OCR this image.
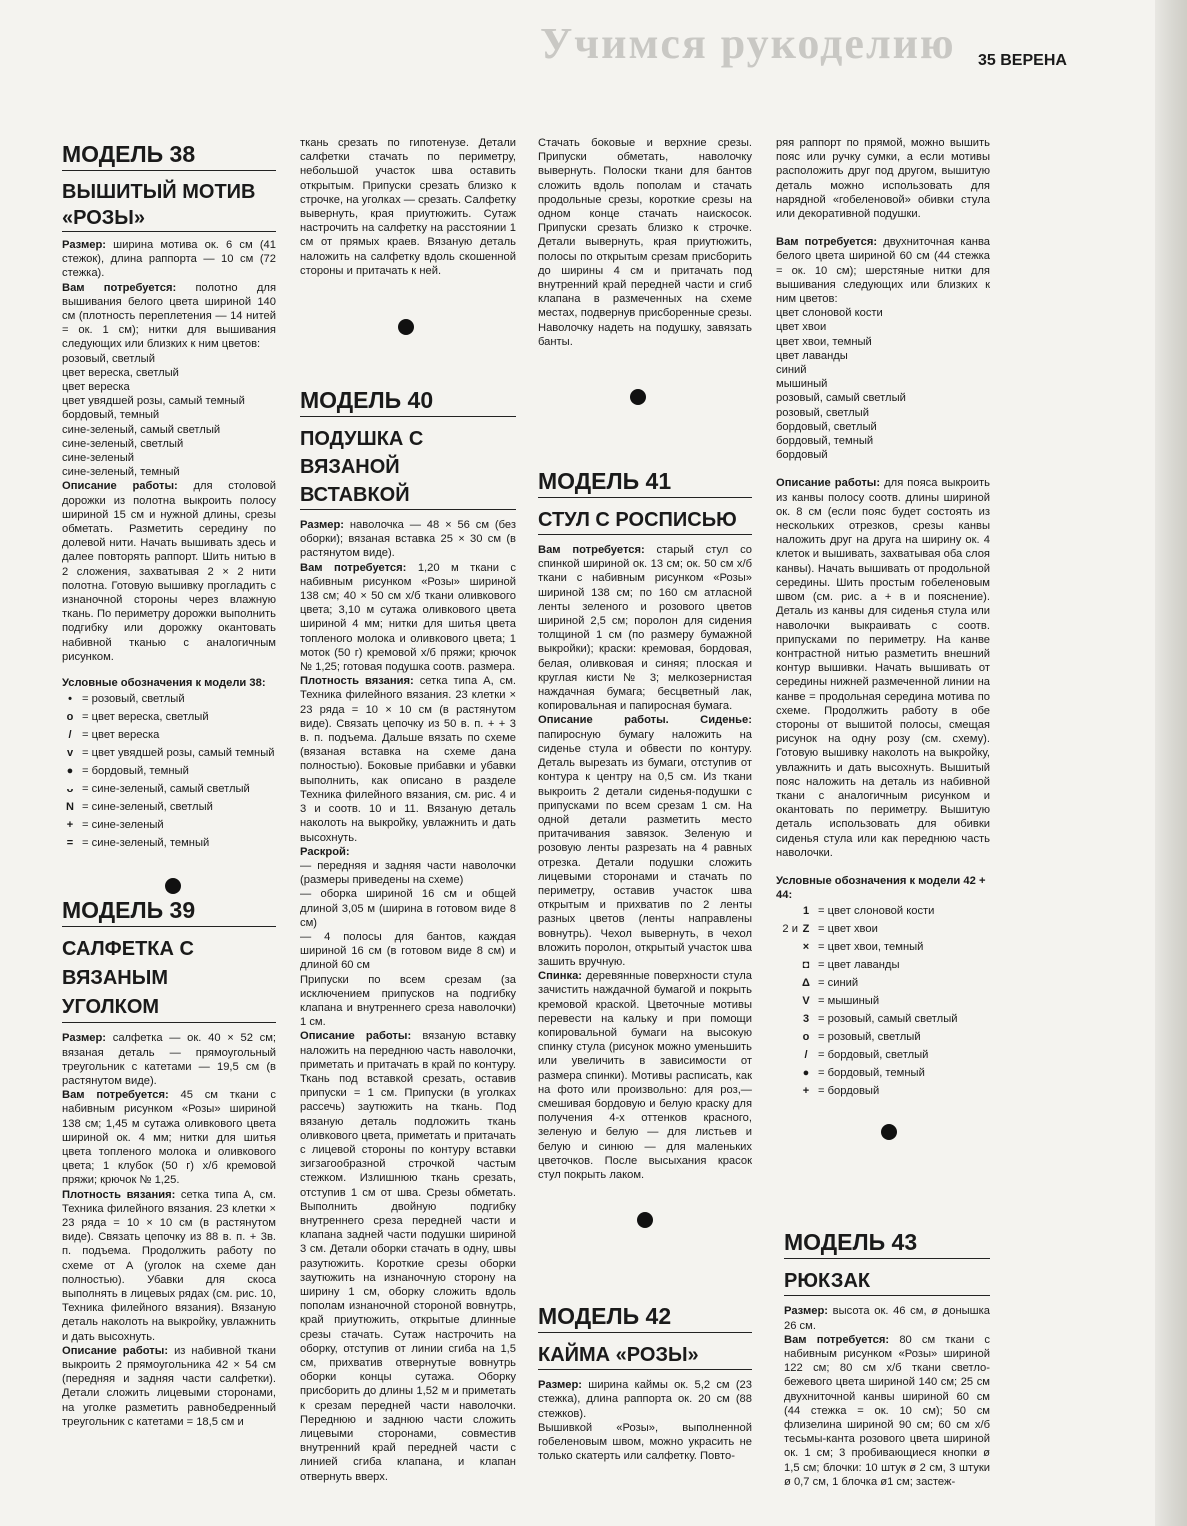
Учимся рукоделию 35 ВЕРЕНА
МОДЕЛЬ 38
ВЫШИТЫЙ МОТИВ
«РОЗЫ»

Размер: ширина мотива ок. 6 см (41 стежок), длина раппорта — 10 см (72 стежка).

Вам потребуется: полотно для вышивания белого цвета шириной 140 см (плотность переплетения — 14 нитей = ок. 1 см); нитки для вышивания следующих или близких к ним цветов:

розовый, светлый
цвет вереска, светлый
цвет вереска
цвет увядшей розы, самый темный
бордовый, темный
сине-зеленый, самый светлый
сине-зеленый, светлый
сине-зеленый
сине-зеленый, темный

Описание работы: для столовой дорожки из полотна выкроить полосу шириной 15 см и нужной длины, срезы обметать. Разметить середину по долевой нити. Начать вышивать здесь и далее повторять раппорт. Шить нитью в 2 сложения, захватывая 2 × 2 нити полотна. Готовую вышивку прогладить с изнаночной стороны через влажную ткань. По периметру дорожки выполнить подгибку или дорожку окантовать набивной тканью с аналогичным рисунком.

Условные обозначения к модели 38:
• = розовый, светлый
o = цвет вереска, светлый
/ = цвет вереска
v = цвет увядшей розы, самый темный
● = бордовый, темный
ᴗ = сине-зеленый, самый светлый
N = сине-зеленый, светлый
+ = сине-зеленый
= = сине-зеленый, темный
МОДЕЛЬ 39
САЛФЕТКА С
ВЯЗАНЫМ
УГОЛКОМ

Размер: салфетка — ок. 40 × 52 см; вязаная деталь — прямоугольный треугольник с катетами — 19,5 см (в растянутом виде).

Вам потребуется: 45 см ткани с набивным рисунком «Розы» шириной 138 см; 1,45 м сутажа оливкового цвета шириной ок. 4 мм; нитки для шитья цвета топленого молока и оливкового цвета; 1 клубок (50 г) х/б кремовой пряжи; крючок № 1,25.

Плотность вязания: сетка типа А, см. Техника филейного вязания. 23 клетки × 23 ряда = 10 × 10 см (в растянутом виде). Связать цепочку из 88 в. п. + 3в. п. подъема. Продолжить работу по схеме от А (уголок на схеме дан полностью). Убавки для скоса выполнять в лицевых рядах (см. рис. 10, Техника филейного вязания). Вязаную деталь наколоть на выкройку, увлажнить и дать высохнуть.

Описание работы: из набивной ткани выкроить 2 прямоугольника 42 × 54 см (передняя и задняя части салфетки). Детали сложить лицевыми сторонами, на уголке разметить равнобедренный треугольник с катетами = 18,5 см и

ткань срезать по гипотенузе. Детали салфетки стачать по периметру, небольшой участок шва оставить открытым. Припуски срезать близко к строчке, на уголках — срезать. Салфетку вывернуть, края приутюжить. Сутаж настрочить на салфетку на расстоянии 1 см от прямых краев. Вязаную деталь наложить на салфетку вдоль скошенной стороны и притачать к ней.

МОДЕЛЬ 40
ПОДУШКА С
ВЯЗАНОЙ
ВСТАВКОЙ

Размер: наволочка — 48 × 56 см (без оборки); вязаная вставка 25 × 30 см (в растянутом виде).

Вам потребуется: 1,20 м ткани с набивным рисунком «Розы» шириной 138 см; 40 × 50 см х/б ткани оливкового цвета; 3,10 м сутажа оливкового цвета шириной 4 мм; нитки для шитья цвета топленого молока и оливкового цвета; 1 моток (50 г) кремовой х/б пряжи; крючок № 1,25; готовая подушка соотв. размера.

Плотность вязания: сетка типа А, см. Техника филейного вязания. 23 клетки × 23 ряда = 10 × 10 см (в растянутом виде). Связать цепочку из 50 в. п. + + 3 в. п. подъема. Дальше вязать по схеме (вязаная вставка на схеме дана полностью). Боковые прибавки и убавки выполнить, как описано в разделе Техника филейного вязания, см. рис. 4 и 3 и соотв. 10 и 11. Вязаную деталь наколоть на выкройку, увлажнить и дать высохнуть.

Раскрой:

— передняя и задняя части наволочки (размеры приведены на схеме)

— оборка шириной 16 см и общей длиной 3,05 м (ширина в готовом виде 8 см)

— 4 полосы для бантов, каждая шириной 16 см (в готовом виде 8 см) и длиной 60 см

Припуски по всем срезам (за исключением припусков на подгибку клапана и внутреннего среза наволочки) 1 см.

Описание работы: вязаную вставку наложить на переднюю часть наволочки, приметать и притачать в край по контуру. Ткань под вставкой срезать, оставив припуски = 1 см. Припуски (в уголках рассечь) заутюжить на ткань. Под вязаную деталь подложить ткань оливкового цвета, приметать и притачать с лицевой стороны по контуру вставки зигзагообразной строчкой частым стежком. Излишнюю ткань срезать, отступив 1 см от шва. Срезы обметать. Выполнить двойную подгибку внутреннего среза передней части и клапана задней части подушки шириной 3 см. Детали оборки стачать в одну, швы разутюжить. Короткие срезы оборки заутюжить на изнаночную сторону на ширину 1 см, оборку сложить вдоль пополам изнаночной стороной вовнутрь, край приутюжить, открытые длинные срезы стачать. Сутаж настрочить на оборку, отступив от линии сгиба на 1,5 см, прихватив отвернутые вовнутрь оборки концы сутажа. Оборку присборить до длины 1,52 м и приметать к срезам передней части наволочки. Переднюю и заднюю части сложить лицевыми сторонами, совместив внутренний край передней части с линией сгиба клапана, и клапан отвернуть вверх.

Стачать боковые и верхние срезы. Припуски обметать, наволочку вывернуть. Полоски ткани для бантов сложить вдоль пополам и стачать продольные срезы, короткие срезы на одном конце стачать наискосок. Припуски срезать близко к строчке. Детали вывернуть, края приутюжить, полосы по открытым срезам присборить до ширины 4 см и притачать под внутренний край передней части и сгиб клапана в размеченных на схеме местах, подвернув присборенные срезы. Наволочку надеть на подушку, завязать банты.

МОДЕЛЬ 41
СТУЛ С РОСПИСЬЮ

Вам потребуется: старый стул со спинкой шириной ок. 13 см; ок. 50 см х/б ткани с набивным рисунком «Розы» шириной 138 см; по 160 см атласной ленты зеленого и розового цветов шириной 2,5 см; поролон для сидения толщиной 1 см (по размеру бумажной выкройки); краски: кремовая, бордовая, белая, оливковая и синяя; плоская и круглая кисти № 3; мелкозернистая наждачная бумага; бесцветный лак, копировальная и папиросная бумага.

Описание работы. Сиденье: папиросную бумагу наложить на сиденье стула и обвести по контуру. Деталь вырезать из бумаги, отступив от контура к центру на 0,5 см. Из ткани выкроить 2 детали сиденья-подушки с припусками по всем срезам 1 см. На одной детали разметить место притачивания завязок. Зеленую и розовую ленты разрезать на 4 равных отрезка. Детали подушки сложить лицевыми сторонами и стачать по периметру, оставив участок шва открытым и прихватив по 2 ленты разных цветов (ленты направлены вовнутрь). Чехол вывернуть, в чехол вложить поролон, открытый участок шва зашить вручную.

Спинка: деревянные поверхности стула зачистить наждачной бумагой и покрыть кремовой краской. Цветочные мотивы перевести на кальку и при помощи копировальной бумаги на высокую спинку стула (рисунок можно уменьшить или увеличить в зависимости от размера спинки). Мотивы расписать, как на фото или произвольно: для роз,— смешивая бордовую и белую краску для получения 4-х оттенков красного, зеленую и белую — для листьев и белую и синюю — для маленьких цветочков. После высыхания красок стул покрыть лаком.

МОДЕЛЬ 42
КАЙМА «РОЗЫ»

Размер: ширина каймы ок. 5,2 см (23 стежка), длина раппорта ок. 20 см (88 стежков).

Вышивкой «Розы», выполненной гобеленовым швом, можно украсить не только скатерть или салфетку. Повто-

ряя раппорт по прямой, можно вышить пояс или ручку сумки, а если мотивы расположить друг под другом, вышитую деталь можно использовать для нарядной «гобеленовой» обивки стула или декоративной подушки.

Вам потребуется: двухниточная канва белого цвета шириной 60 см (44 стежка = ок. 10 см); шерстяные нитки для вышивания следующих или близких к ним цветов:

цвет слоновой кости
цвет хвои
цвет хвои, темный
цвет лаванды
синий
мышиный
розовый, самый светлый
розовый, светлый
бордовый, светлый
бордовый, темный
бордовый

Описание работы: для пояса выкроить из канвы полосу соотв. длины шириной ок. 8 см (если пояс будет состоять из нескольких отрезков, срезы канвы наложить друг на друга на ширину ок. 4 клеток и вышивать, захватывая оба слоя канвы). Начать вышивать от продольной середины. Шить простым гобеленовым швом (см. рис. а + в и пояснение). Деталь из канвы для сиденья стула или наволочки выкраивать с соотв. припусками по периметру. На канве контрастной нитью разметить внешний контур вышивки. Начать вышивать от середины нижней размеченной линии на канве = продольная середина мотива по схеме. Продолжить работу в обе стороны от вышитой полосы, смещая рисунок на одну розу (см. схему). Готовую вышивку наколоть на выкройку, увлажнить и дать высохнуть. Вышитый пояс наложить на деталь из набивной ткани с аналогичным рисунком и окантовать по периметру. Вышитую деталь использовать для обивки сиденья стула или как переднюю часть наволочки.

Условные обозначения к модели 42 + 44:
1 = цвет слоновой кости
2 и Z = цвет хвои
× = цвет хвои, темный
◘ = цвет лаванды
Δ = синий
V = мышиный
3 = розовый, самый светлый
o = розовый, светлый
/ = бордовый, светлый
● = бордовый, темный
+ = бордовый
МОДЕЛЬ 43
РЮКЗАК

Размер: высота ок. 46 см, ø донышка 26 см.

Вам потребуется: 80 см ткани с набивным рисунком «Розы» шириной 122 см; 80 см х/б ткани светло-бежевого цвета шириной 140 см; 25 см двухниточной канвы шириной 60 см (44 стежка = ок. 10 см); 50 см флизелина шириной 90 см; 60 см х/б тесьмы-канта розового цвета шириной ок. 1 см; 3 пробивающиеся кнопки ø 1,5 см; блочки: 10 штук ø 2 см, 3 штуки ø 0,7 см, 1 блочка ø1 см; застеж-
